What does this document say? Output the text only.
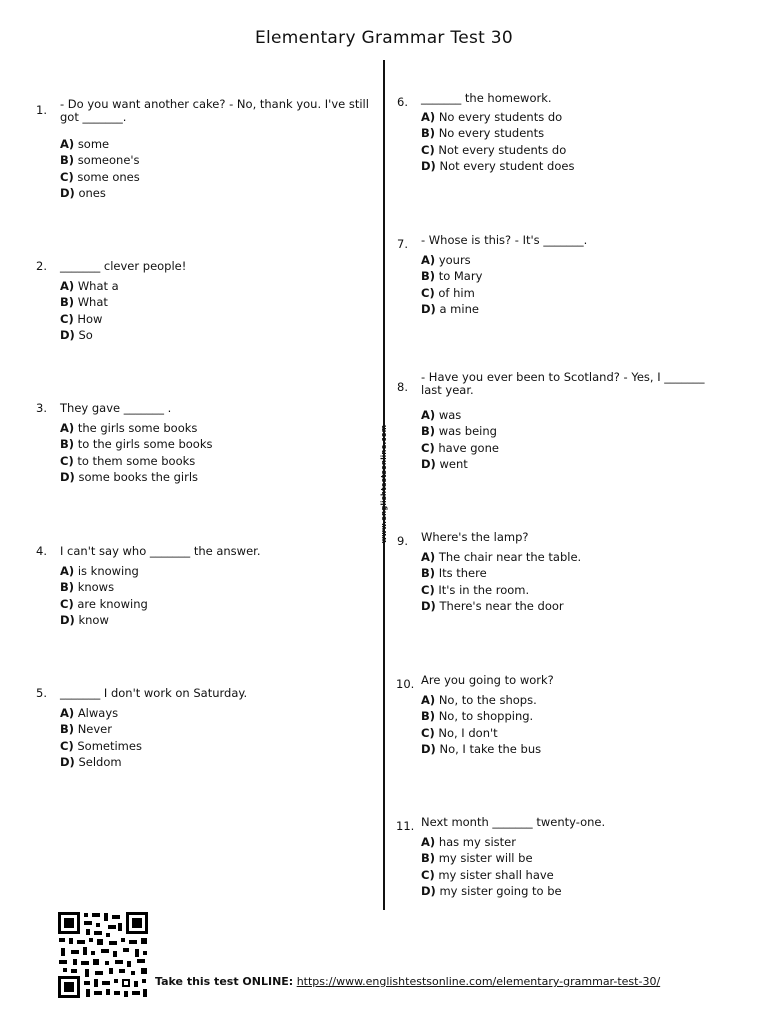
Elementary Grammar Test 30
www.englishtestsonline.com
1. - Do you want another cake? - No, thank you. I've still got _______.
A) some
B) someone's
C) some ones
D) ones
2. _______ clever people!
A) What a
B) What
C) How
D) So
3. They gave _______ .
A) the girls some books
B) to the girls some books
C) to them some books
D) some books the girls
4. I can't say who _______ the answer.
A) is knowing
B) knows
C) are knowing
D) know
5. _______ I don't work on Saturday.
A) Always
B) Never
C) Sometimes
D) Seldom
6. _______ the homework.
A) No every students do
B) No every students
C) Not every students do
D) Not every student does
7. - Whose is this? - It's _______.
A) yours
B) to Mary
C) of him
D) a mine
8.
- Have you ever been to Scotland? - Yes, I _______ last year.
A) was
B) was being
C) have gone
D) went
9. Where's the lamp?
A) The chair near the table.
B) Its there
C) It's in the room.
D) There's near the door
10. Are you going to work?
A) No, to the shops.
B) No, to shopping.
C) No, I don't
D) No, I take the bus
11. Next month _______ twenty-one.
A) has my sister
B) my sister will be
C) my sister shall have
D) my sister going to be
Take this test ONLINE: https://www.englishtestsonline.com/elementary-grammar-test-30/
